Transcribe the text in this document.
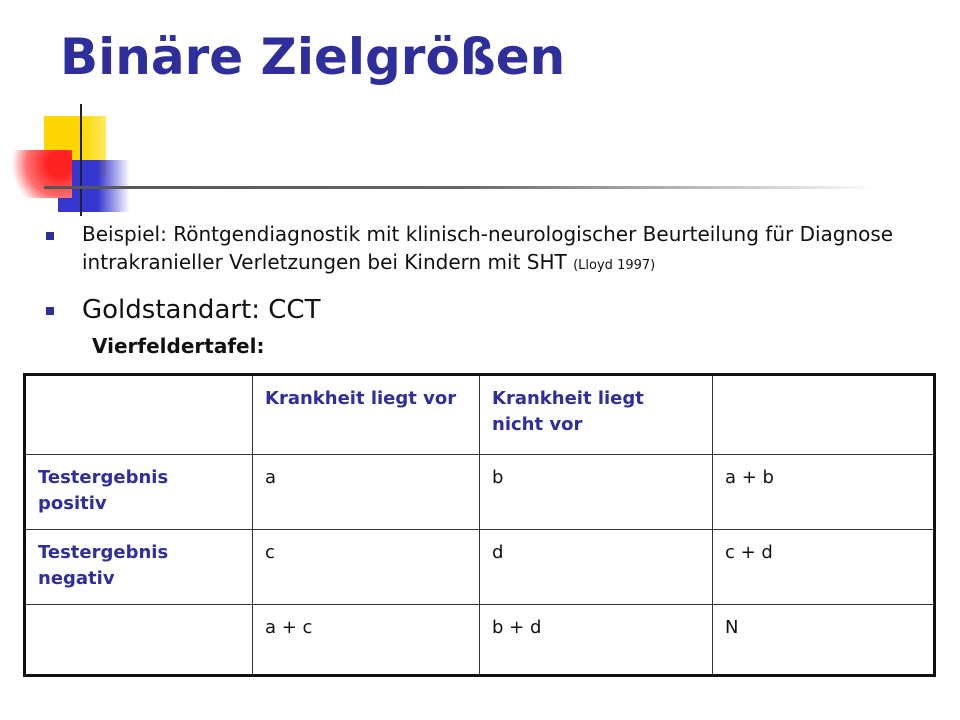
Binäre Zielgrößen

Beispiel: Röntgendiagnostik mit klinisch-neurologischer Beurteilung für Diagnose intrakranieller Verletzungen bei Kindern mit SHT (Lloyd 1997)

Goldstandart: CCT

Vierfeldertafel:

	Krankheit liegt vor	Krankheit liegt nicht vor	
Testergebnis positiv	a	b	a + b
Testergebnis negativ	c	d	c + d
	a + c	b + d	N
